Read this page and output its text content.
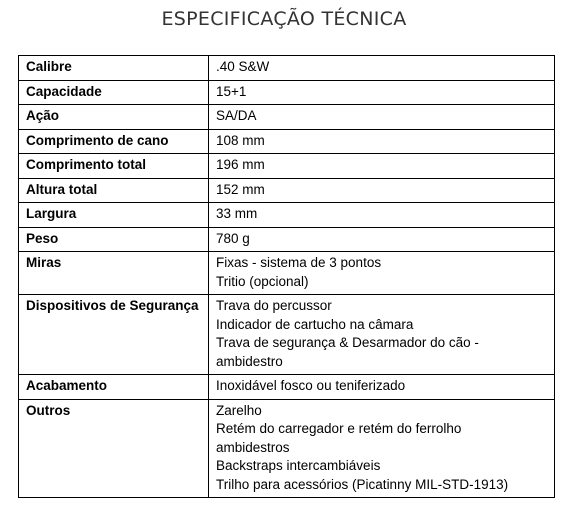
ESPECIFICAÇÃO TÉCNICA
Calibre	.40 S&W

Capacidade	15+1

Ação	SA/DA

Comprimento de cano	108 mm

Comprimento total	196 mm

Altura total	152 mm

Largura	33 mm

Peso	780 g

Miras	Fixas - sistema de 3 pontos
Tritio (opcional)

Dispositivos de Segurança	Trava do percussor
Indicador de cartucho na câmara
Trava de segurança & Desarmador do cão -
ambidestro

Acabamento	Inoxidável fosco ou teniferizado

Outros	Zarelho
Retém do carregador e retém do ferrolho
ambidestros
Backstraps intercambiáveis
Trilho para acessórios (Picatinny MIL-STD-1913)
